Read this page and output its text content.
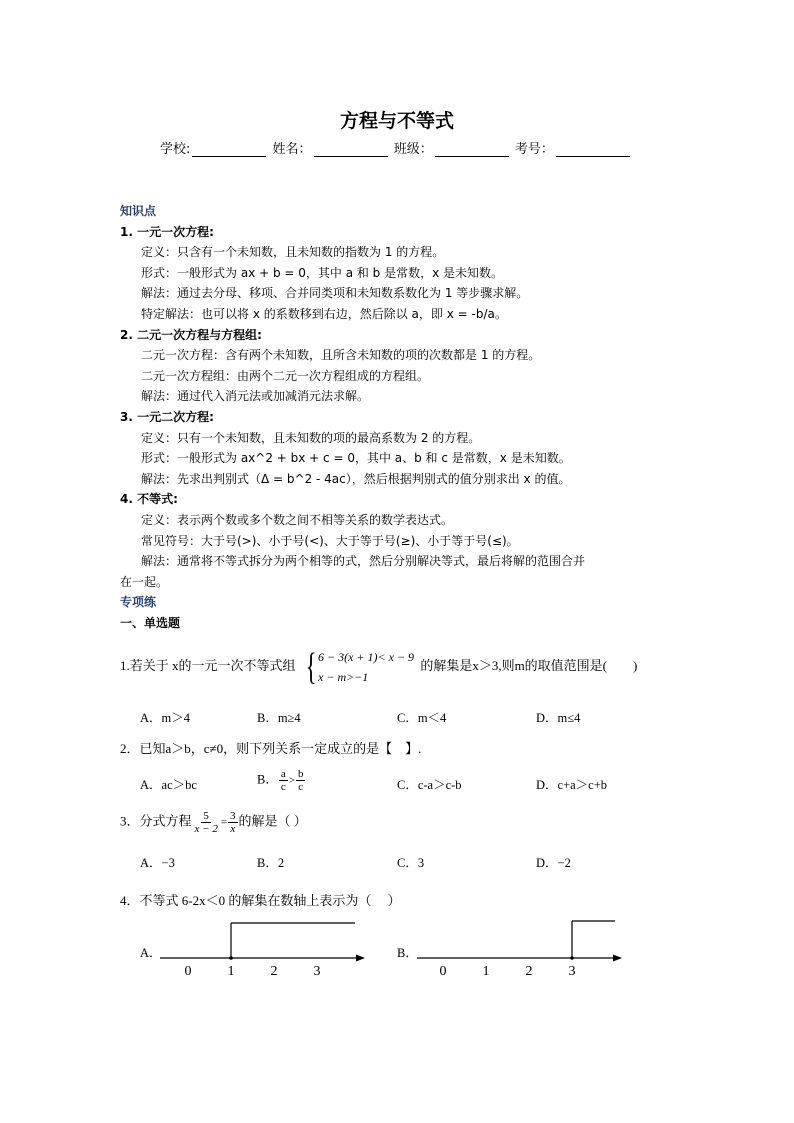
方程与不等式
学校:	姓名：	班级：	考号：
知识点
1. 一元一次方程:
定义：只含有一个未知数，且未知数的指数为 1 的方程。
形式：一般形式为 ax + b = 0，其中 a 和 b 是常数，x 是未知数。
解法：通过去分母、移项、合并同类项和未知数系数化为 1 等步骤求解。
特定解法：也可以将 x 的系数移到右边，然后除以 a，即 x = -b/a。
2. 二元一次方程与方程组:
二元一次方程：含有两个未知数，且所含未知数的项的次数都是 1 的方程。
二元一次方程组：由两个二元一次方程组成的方程组。
解法：通过代入消元法或加减消元法求解。
3. 一元二次方程:
定义：只有一个未知数，且未知数的项的最高系数为 2 的方程。
形式：一般形式为 ax^2 + bx + c = 0，其中 a、b 和 c 是常数，x 是未知数。
解法：先求出判别式（Δ = b^2 - 4ac），然后根据判别式的值分别求出 x 的值。
4. 不等式:
定义：表示两个数或多个数之间不相等关系的数学表达式。
常见符号：大于号(>)、小于号(<)、大于等于号(≥)、小于等于号(≤)。
解法：通常将不等式拆分为两个相等的式，然后分别解决等式，最后将解的范围合并
在一起。
专项练
一、单选题
1.若关于 x的一元一次不等式组 { 6 − 3(x + 1)< x − 9
x − m>−1
的解集是x＞3,则m的取值范围是(　　)
A．m＞4	B．m≥4	C．m＜4	D．m≤4
2．已知a＞b，c≠0，则下列关系一定成立的是【　】.
A．ac＞bc	B． $\frac{a}{c} > \frac{b}{c}$	C．c-a＞c-b	D．c+a＞c+b
3．分式方程 $\frac{5}{x - 2} = \frac{3}{x}$ 的解是（ ）
A．−3	B．2	C．3	D．−2
4．不等式 6-2x＜0 的解集在数轴上表示为（　 ）
A．
0	1	2	3
B．
0	1	2	3
